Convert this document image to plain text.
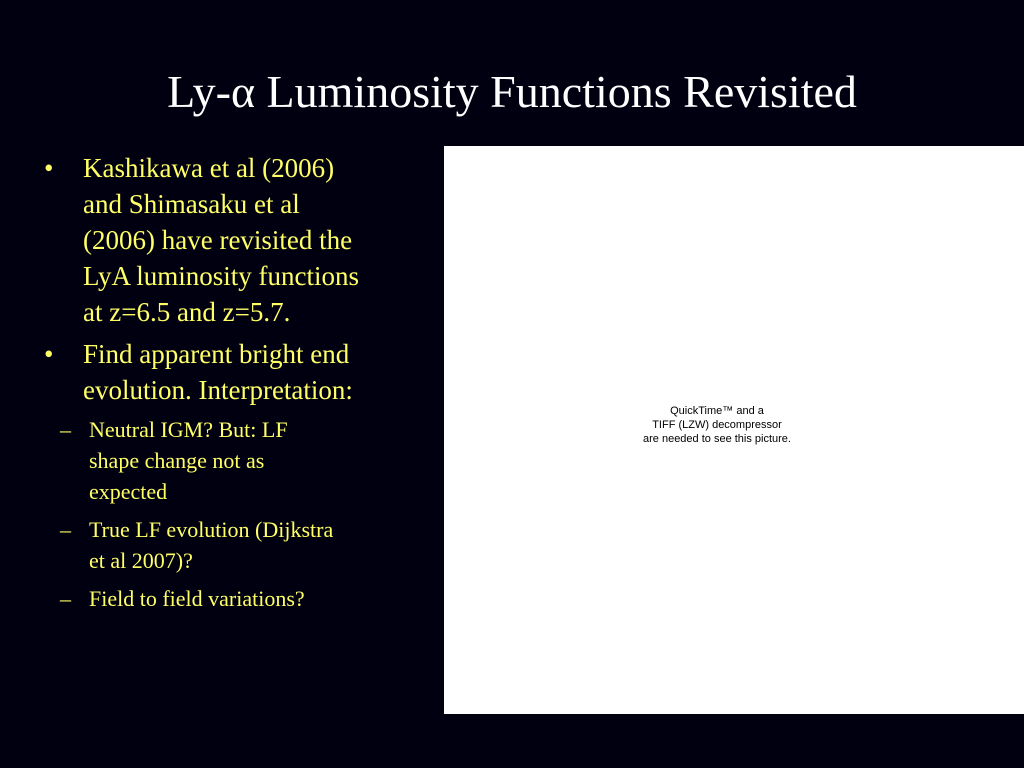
Ly-α Luminosity Functions Revisited
• Kashikawa et al (2006)
and Shimasaku et al
(2006) have revisited the
LyA luminosity functions
at z=6.5 and z=5.7.
• Find apparent bright end
evolution. Interpretation:
– Neutral IGM? But: LF
shape change not as
expected
– True LF evolution (Dijkstra
et al 2007)?
– Field to field variations?
QuickTime™ and a
TIFF (LZW) decompressor
are needed to see this picture.
